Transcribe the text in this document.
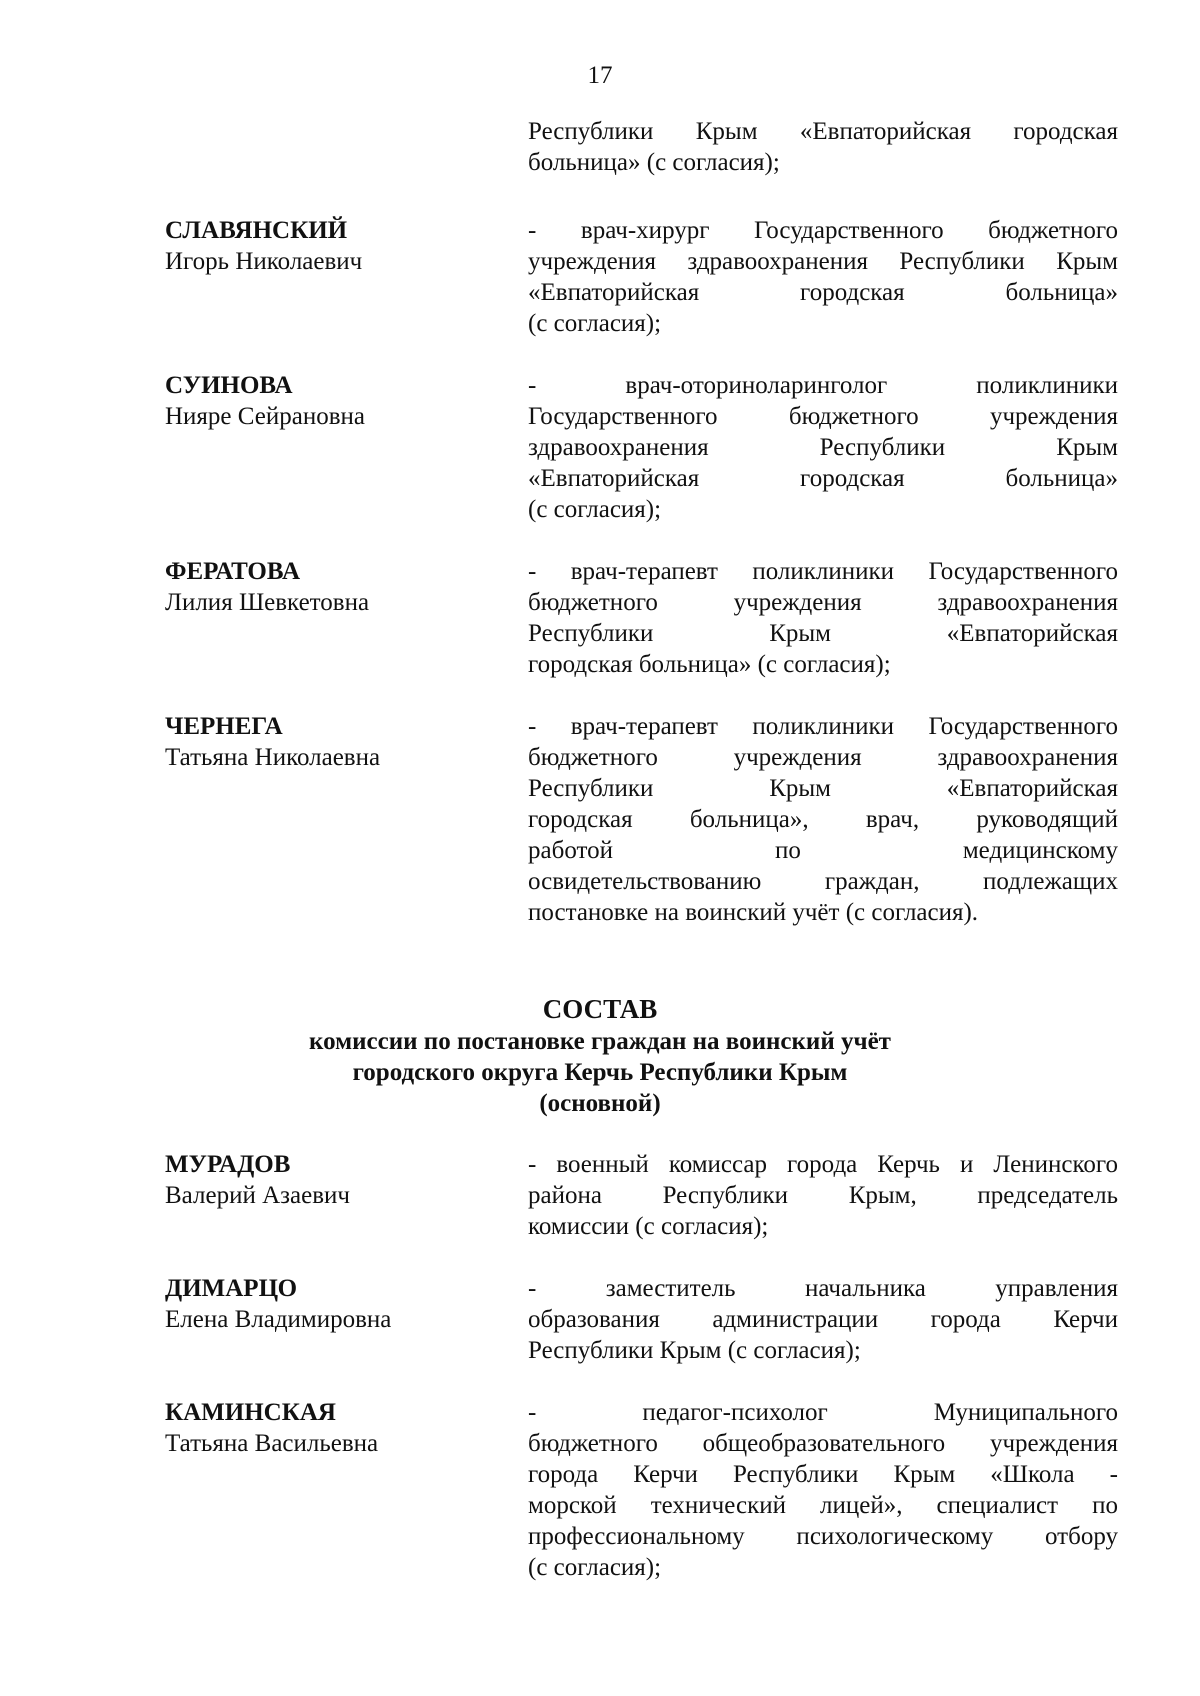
17
Республики Крым «Евпаторийская городская
больница» (с согласия);
СЛАВЯНСКИЙ
Игорь Николаевич
- врач-хирург Государственного бюджетного
учреждения здравоохранения Республики Крым
«Евпаторийская городская больница»
(с согласия);
СУИНОВА
Нияре Сейрановна
- врач-оториноларинголог поликлиники
Государственного бюджетного учреждения
здравоохранения Республики Крым
«Евпаторийская городская больница»
(с согласия);
ФЕРАТОВА
Лилия Шевкетовна
- врач-терапевт поликлиники Государственного
бюджетного учреждения здравоохранения
Республики Крым «Евпаторийская
городская больница» (с согласия);
ЧЕРНЕГА
Татьяна Николаевна
- врач-терапевт поликлиники Государственного
бюджетного учреждения здравоохранения
Республики Крым «Евпаторийская
городская больница», врач, руководящий
работой по медицинскому
освидетельствованию граждан, подлежащих
постановке на воинский учёт (с согласия).
СОСТАВ
комиссии по постановке граждан на воинский учёт
городского округа Керчь Республики Крым
(основной)
МУРАДОВ
Валерий Азаевич
- военный комиссар города Керчь и Ленинского
района Республики Крым, председатель
комиссии (с согласия);
ДИМАРЦО
Елена Владимировна
- заместитель начальника управления
образования администрации города Керчи
Республики Крым (с согласия);
КАМИНСКАЯ
Татьяна Васильевна
- педагог-психолог Муниципального
бюджетного общеобразовательного учреждения
города Керчи Республики Крым «Школа -
морской технический лицей», специалист по
профессиональному психологическому отбору
(с согласия);
